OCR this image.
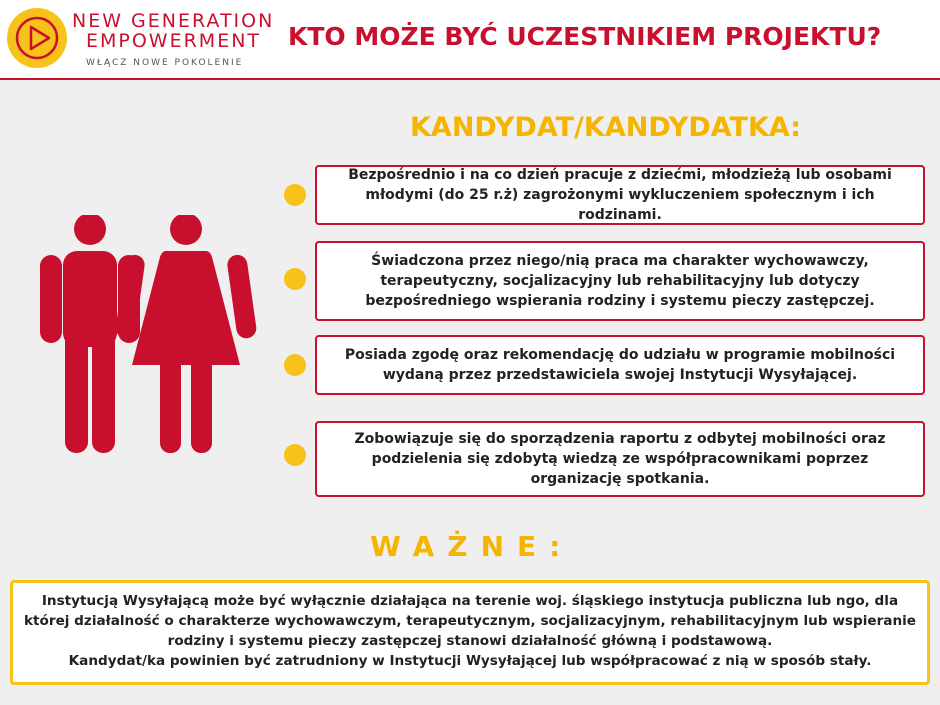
NEW GENERATION
EMPOWERMENT
WŁĄCZ NOWE POKOLENIE
KTO MOŻE BYĆ UCZESTNIKIEM PROJEKTU?
KANDYDAT/KANDYDATKA:
Bezpośrednio i na co dzień pracuje z dziećmi, młodzieżą lub osobami młodymi (do 25 r.ż) zagrożonymi wykluczeniem społecznym i ich rodzinami.
Świadczona przez niego/nią praca ma charakter wychowawczy, terapeutyczny, socjalizacyjny lub rehabilitacyjny lub dotyczy bezpośredniego wspierania rodziny i systemu pieczy zastępczej.
Posiada zgodę oraz rekomendację do udziału w programie mobilności wydaną przez przedstawiciela swojej Instytucji Wysyłającej.
Zobowiązuje się do sporządzenia raportu z odbytej mobilności oraz podzielenia się zdobytą wiedzą ze współpracownikami poprzez organizację spotkania.
WAŻNE:
Instytucją Wysyłającą może być wyłącznie działająca na terenie woj. śląskiego instytucja publiczna lub ngo, dla której działalność o charakterze wychowawczym, terapeutycznym, socjalizacyjnym, rehabilitacyjnym lub wspieranie rodziny i systemu pieczy zastępczej stanowi działalność główną i podstawową.
Kandydat/ka powinien być zatrudniony w Instytucji Wysyłającej lub współpracować z nią w sposób stały.
